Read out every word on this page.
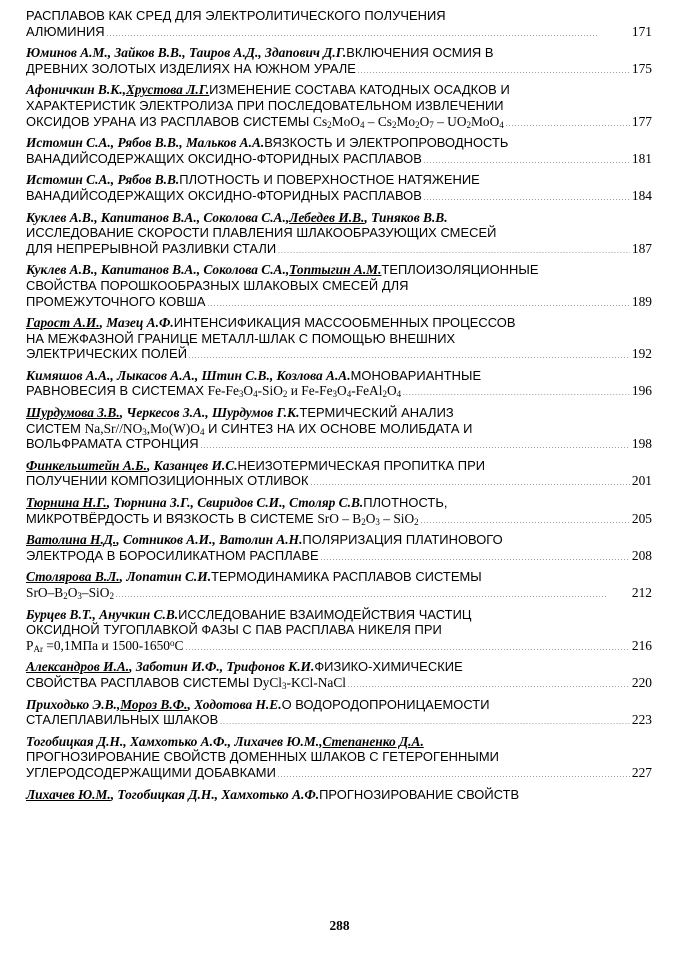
РАСПЛАВОВ КАК СРЕД ДЛЯ ЭЛЕКТРОЛИТИЧЕСКОГО ПОЛУЧЕНИЯ
АЛЮМИНИЯ . . .	171
Юминов А.М., Зайков В.В., Таиров А.Д., Здanович Д.Г. ВКЛЮЧЕНИЯ ОСМИЯ В
ДРЕВНИХ ЗОЛОТЫХ ИЗДЕЛИЯХ НА ЮЖНОМ УРАЛЕ . . .	175
Афоничкин В.К., Хрустова Л.Г. ИЗМЕНЕНИЕ СОСТАВА КАТОДНЫХ ОСАДКОВ И
ХАРАКТЕРИСТИК ЭЛЕКТРОЛИЗА ПРИ ПОСЛЕДОВАТЕЛЬНОМ ИЗВЛЕЧЕНИИ
ОКСИДОВ УРАНА ИЗ РАСПЛАВОВ СИСТЕМЫ $Cs_2MoO_4 - Cs_2Mo_2O_7 - UO_2MoO_4$ . . .	177
Истомин С.А., Рябов В.В., Мальков А.А. ВЯЗКОСТЬ И ЭЛЕКТРОПРОВОДНОСТЬ
ВАНАДИЙСОДЕРЖАЩИХ ОКСИДНО-ФТОРИДНЫХ РАСПЛАВОВ . . .	181
Истомин С.А., Рябов В.В. ПЛОТНОСТЬ И ПОВЕРХНОСТНОЕ НАТЯЖЕНИЕ
ВАНАДИЙСОДЕРЖАЩИХ ОКСИДНО-ФТОРИДНЫХ РАСПЛАВОВ . . .	184
Куклев А.В., Капитанов В.А., Соколова С.А., Лебедев И.В. , Тиняков В.В.
ИССЛЕДОВАНИЕ СКОРОСТИ ПЛАВЛЕНИЯ ШЛАКООБРАЗУЮЩИХ СМЕСЕЙ
ДЛЯ НЕПРЕРЫВНОЙ РАЗЛИВКИ СТАЛИ . . .	187
Куклев А.В., Капитанов В.А., Соколова С.А., Топтыгин А.М. ТЕПЛОИЗОЛЯЦИОННЫЕ
СВОЙСТВА ПОРОШКООБРАЗНЫХ ШЛАКОВЫХ СМЕСЕЙ ДЛЯ
ПРОМЕЖУТОЧНОГО КОВША . . .	189
Гарост А.И. , Мазец А.Ф. ИНТЕНСИФИКАЦИЯ МАССООБМЕННЫХ ПРОЦЕССОВ
НА МЕЖФАЗНОЙ ГРАНИЦЕ МЕТАЛЛ-ШЛАК С ПОМОЩЬЮ ВНЕШНИХ
ЭЛЕКТРИЧЕСКИХ ПОЛЕЙ . . .	192
Кимяшов А.А., Лыкасов А.А., Штин С.В., Козлова А.А. МОНОВАРИАНТНЫЕ
РАВНОВЕСИЯ В СИСТЕМАХ $Fe-Fe_3O_4-SiO_2$ и $Fe-Fe_3O_4-FeAl_2O_4$ . . .	196
Шурдумова З.В. , Черкесов З.А., Шурдумов Г.К. ТЕРМИЧЕСКИЙ АНАЛИЗ
СИСТЕМ $Na,Sr//NO_3,Mo(W)O_4$ И СИНТЕЗ НА ИХ ОСНОВЕ МОЛИБДАТА И
ВОЛЬФРАМАТА СТРОНЦИЯ . . .	198
Финкельштейн А.Б. , Казанцев И.С. НЕИЗОТЕРМИЧЕСКАЯ ПРОПИТКА ПРИ
ПОЛУЧЕНИИ КОМПОЗИЦИОННЫХ ОТЛИВОК . . .	201
Тюрнина Н.Г. , Тюрнина З.Г., Свиридов С.И., Столяр С.В. ПЛОТНОСТЬ,
МИКРОТВЁРДОСТЬ И ВЯЗКОСТЬ В СИСТЕМЕ SrO – $B_2O_3 - SiO_2$ . . .	205
Ватолина Н.Д. , Сотников А.И., Ватолин А.Н. ПОЛЯРИЗАЦИЯ ПЛАТИНОВОГО
ЭЛЕКТРОДА В БОРОСИЛИКАТНОМ РАСПЛАВЕ . . .	208
Столярова В.Л. , Лопатин С.И. ТЕРМОДИНАМИКА РАСПЛАВОВ СИСТЕМЫ
SrO–$B_2O_3-SiO_2$ . . .	212
Бурцев В.Т., Анучкин С.В. ИССЛЕДОВАНИЕ ВЗАИМОДЕЙСТВИЯ ЧАСТИЦ
ОКСИДНОЙ ТУГОПЛАВКОЙ ФАЗЫ С ПАВ РАСПЛАВА НИКЕЛЯ ПРИ
$P_{Ar} =0,1МПа$ и 1500-1650$^o$C . . .	216
Александров И.А. , Заботин И.Ф., Трифонов К.И. ФИЗИКО-ХИМИЧЕСКИЕ
СВОЙСТВА РАСПЛАВОВ СИСТЕМЫ DyCl$_3$-KCl-NaCl . . .	220
Приходько Э.В., Мороз В.Ф. , Ходотова Н.Е. О ВОДОРОДОПРОНИЦАЕМОСТИ
СТАЛЕПЛАВИЛЬНЫХ ШЛАКОВ . . .	223
Тогобицкая Д.Н., Хамхотько А.Ф., Лихачев Ю.М., Степаненко Д.А.
ПРОГНОЗИРОВАНИЕ СВОЙСТВ ДОМЕННЫХ ШЛАКОВ С ГЕТЕРОГЕННЫМИ
УГЛЕРОДСОДЕРЖАЩИМИ ДОБАВКАМИ . . .	227
Лихачев Ю.М. , Тогобицкая Д.Н., Хамхотько А.Ф. ПРОГНОЗИРОВАНИЕ СВОЙСТВ
288
